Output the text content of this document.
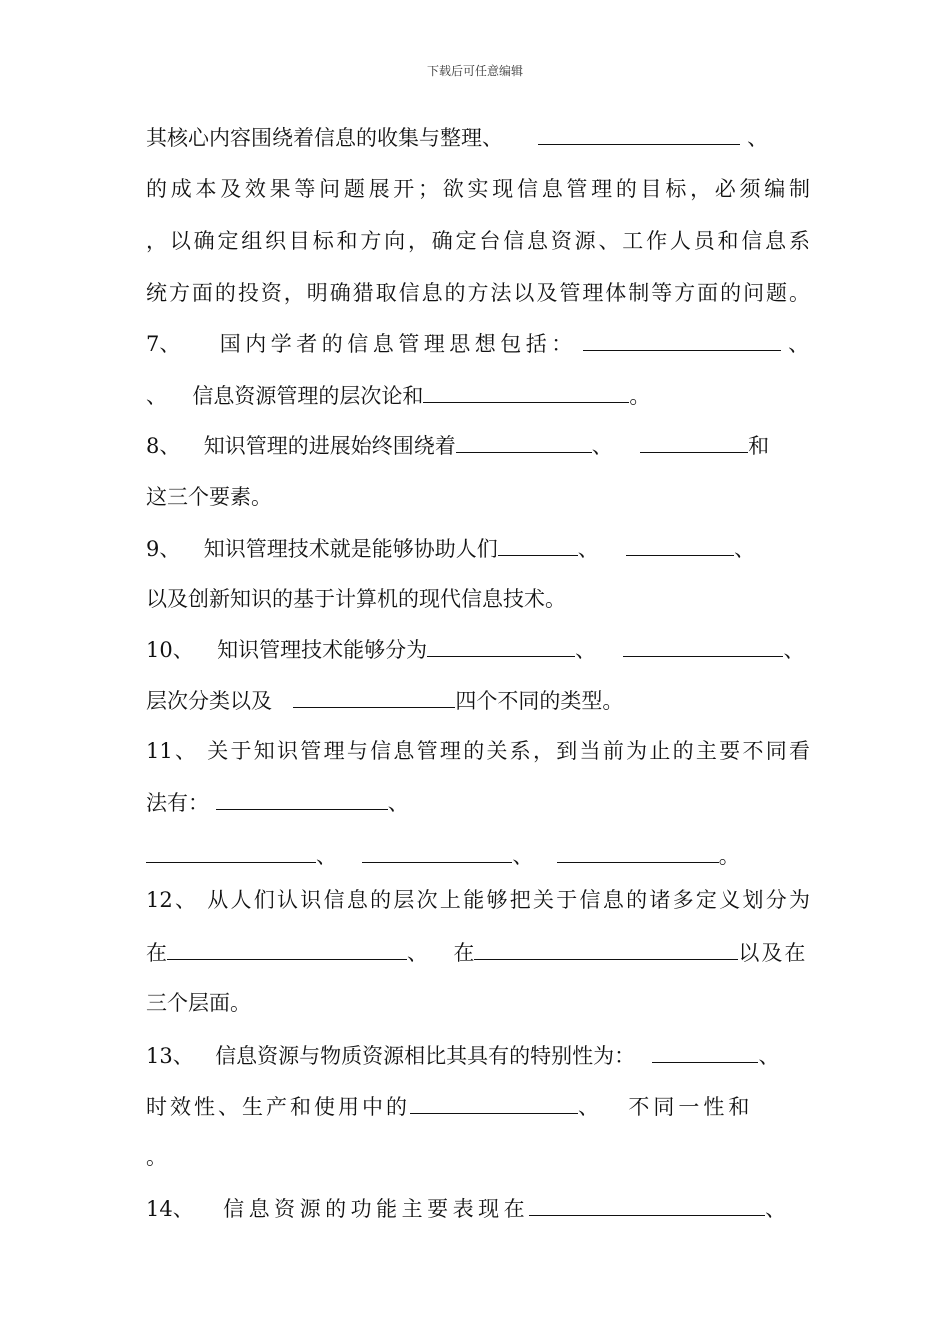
下载后可任意编辑
其核心内容围绕着信息的收集与整理、	、
的成本及效果等问题展开；欲实现信息管理的目标，必须编制
，以确定组织目标和方向，确定台信息资源、工作人员和信息系
统方面的投资，明确猎取信息的方法以及管理体制等方面的问题。
7、 国内学者的信息管理思想包括：	、
、 信息资源管理的层次论和	。
8、 知识管理的进展始终围绕着	、	和
这三个要素。
9、 知识管理技术就是能够协助人们	、	、
以及创新知识的基于计算机的现代信息技术。
10、 知识管理技术能够分为	、	、
层次分类以及	四个不同的类型。
11、 关于知识管理与信息管理的关系，到当前为止的主要不同看
法有：	、
、	、	。
12、 从人们认识信息的层次上能够把关于信息的诸多定义划分为
在	、 在	以及在
三个层面。
13、 信息资源与物质资源相比其具有的特别性为：	、
时效性、生产和使用中的	、 不同一性和
。
14、 信息资源的功能主要表现在	、
